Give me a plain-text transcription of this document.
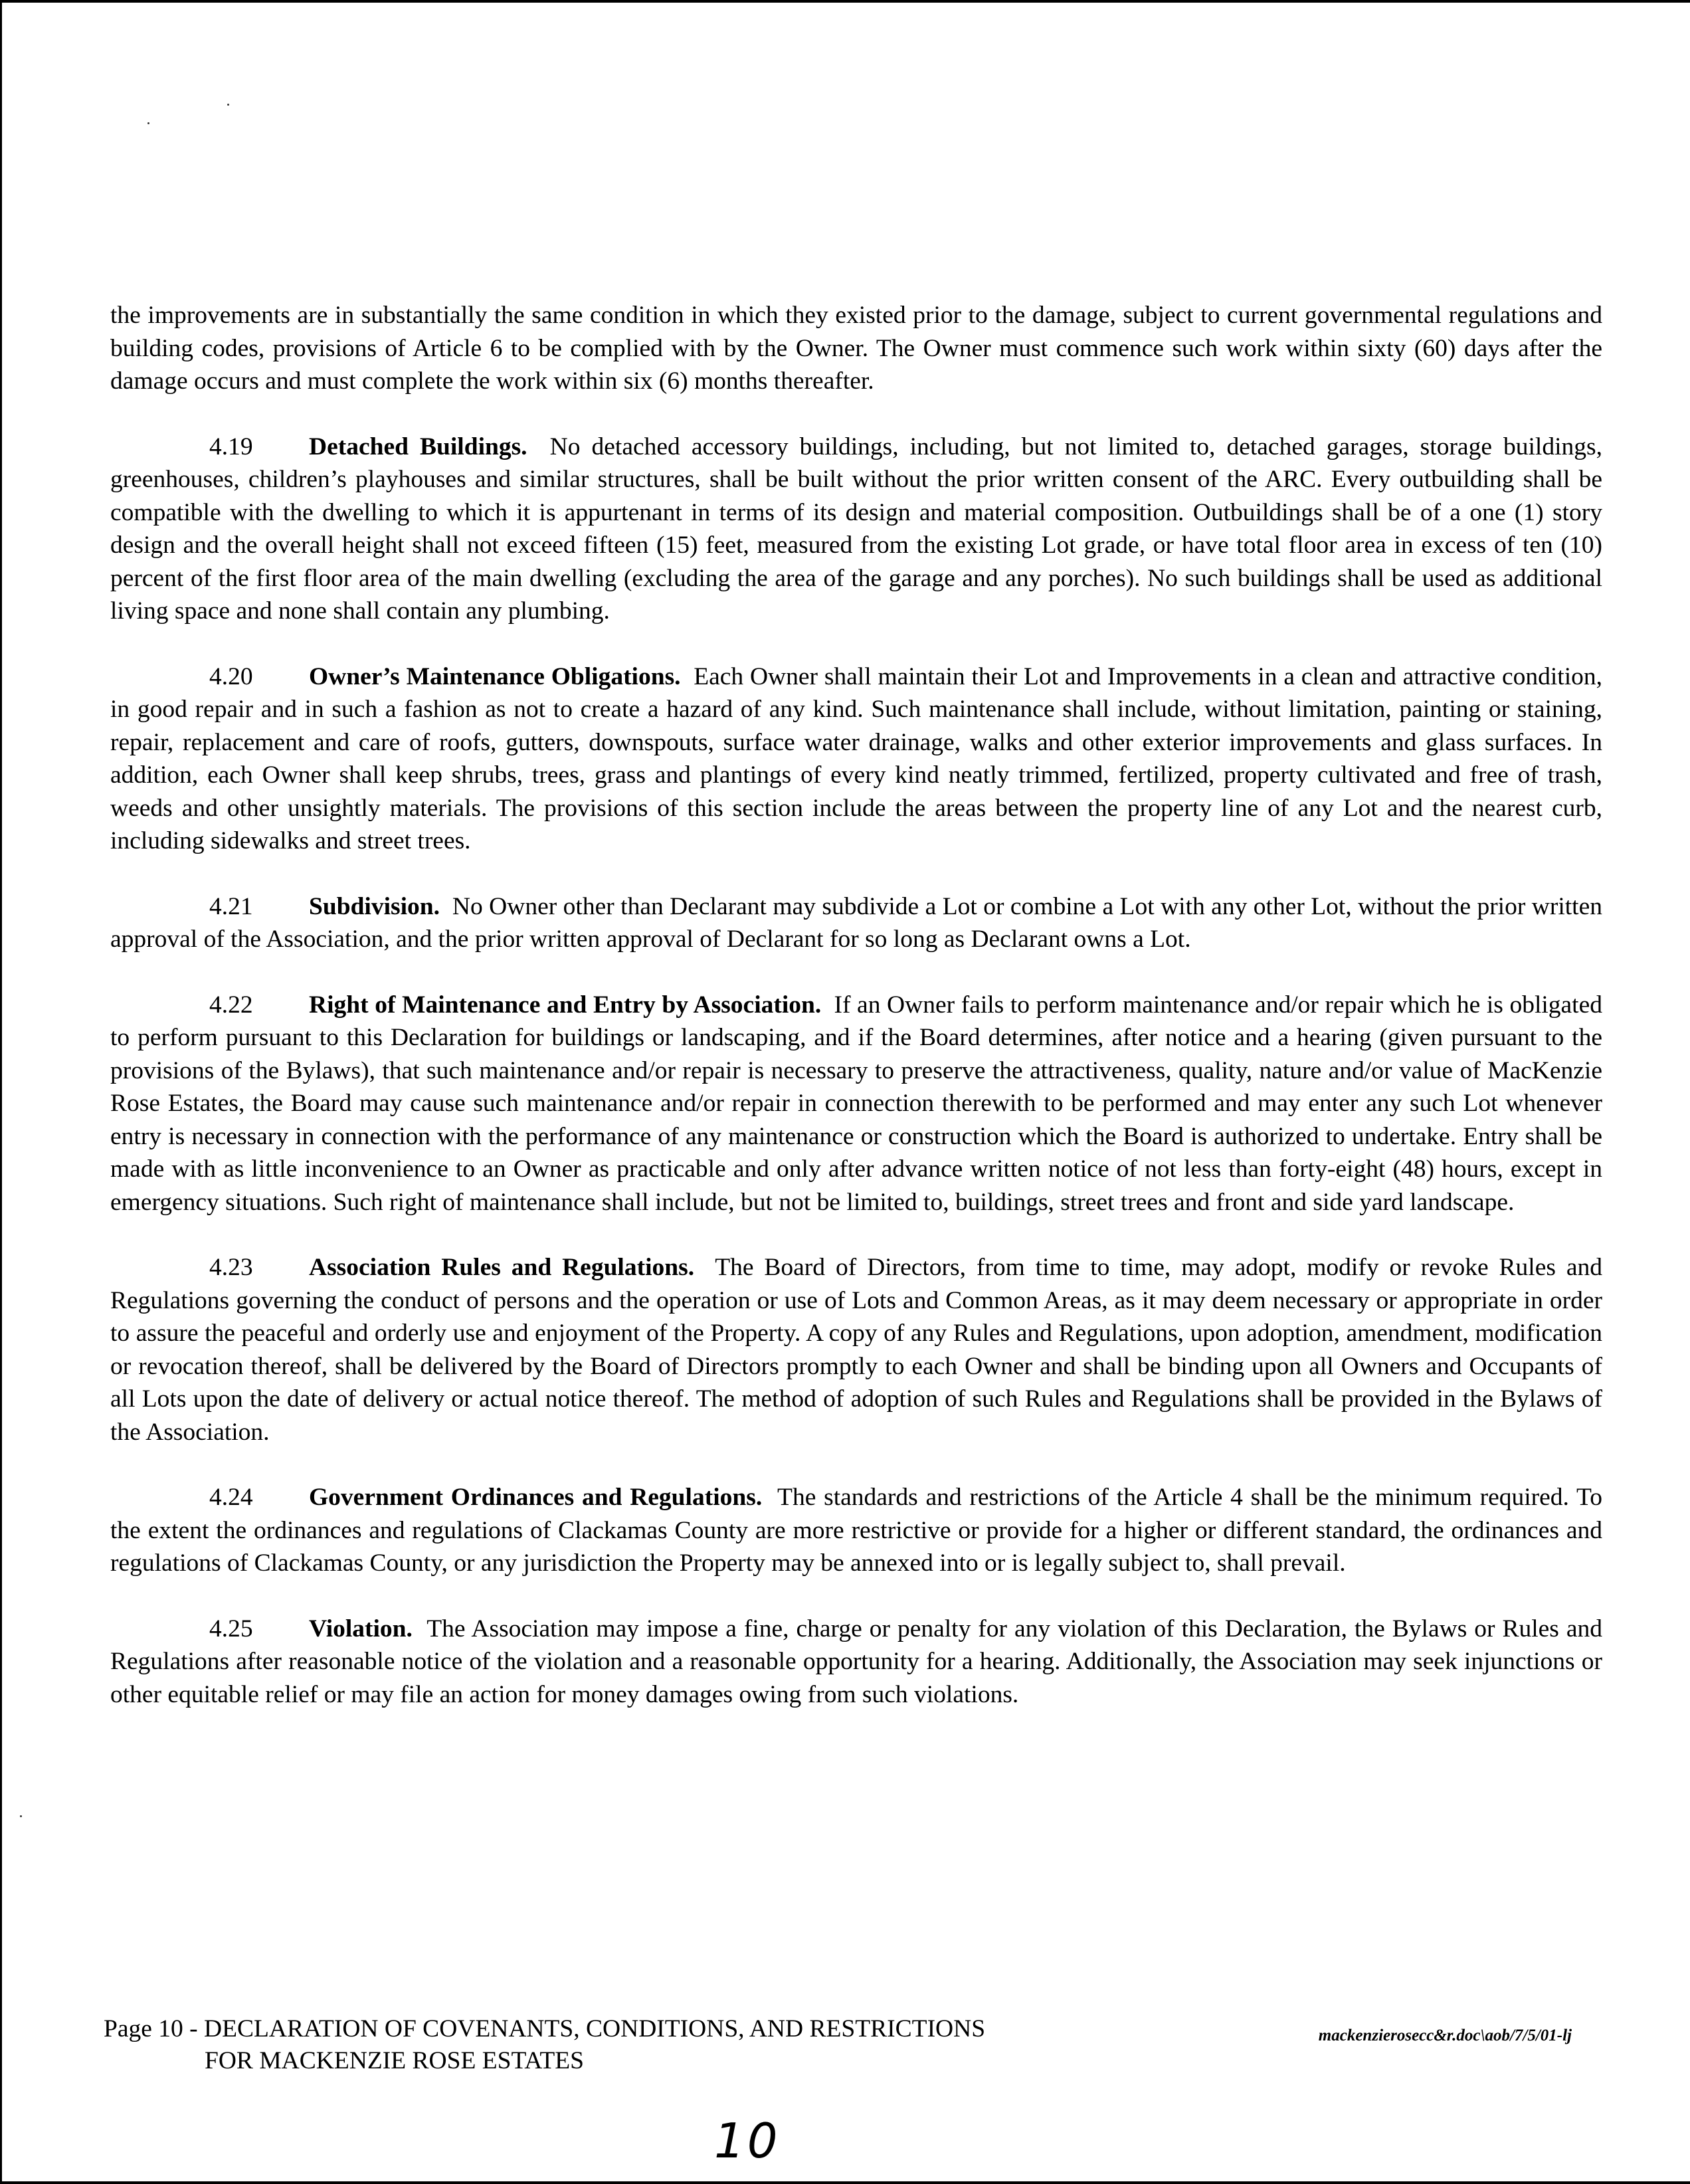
the improvements are in substantially the same condition in which they existed prior to the damage, subject to current governmental regulations and building codes, provisions of Article 6 to be complied with by the Owner. The Owner must commence such work within sixty (60) days after the damage occurs and must complete the work within six (6) months thereafter.

4.19 Detached Buildings. No detached accessory buildings, including, but not limited to, detached garages, storage buildings, greenhouses, children’s playhouses and similar structures, shall be built without the prior written consent of the ARC. Every outbuilding shall be compatible with the dwelling to which it is appurtenant in terms of its design and material composition. Outbuildings shall be of a one (1) story design and the overall height shall not exceed fifteen (15) feet, measured from the existing Lot grade, or have total floor area in excess of ten (10) percent of the first floor area of the main dwelling (excluding the area of the garage and any porches). No such buildings shall be used as additional living space and none shall contain any plumbing.

4.20 Owner’s Maintenance Obligations. Each Owner shall maintain their Lot and Improvements in a clean and attractive condition, in good repair and in such a fashion as not to create a hazard of any kind. Such maintenance shall include, without limitation, painting or staining, repair, replacement and care of roofs, gutters, downspouts, surface water drainage, walks and other exterior improvements and glass surfaces. In addition, each Owner shall keep shrubs, trees, grass and plantings of every kind neatly trimmed, fertilized, property cultivated and free of trash, weeds and other unsightly materials. The provisions of this section include the areas between the property line of any Lot and the nearest curb, including sidewalks and street trees.

4.21 Subdivision. No Owner other than Declarant may subdivide a Lot or combine a Lot with any other Lot, without the prior written approval of the Association, and the prior written approval of Declarant for so long as Declarant owns a Lot.

4.22 Right of Maintenance and Entry by Association. If an Owner fails to perform maintenance and/or repair which he is obligated to perform pursuant to this Declaration for buildings or landscaping, and if the Board determines, after notice and a hearing (given pursuant to the provisions of the Bylaws), that such maintenance and/or repair is necessary to preserve the attractiveness, quality, nature and/or value of MacKenzie Rose Estates, the Board may cause such maintenance and/or repair in connection therewith to be performed and may enter any such Lot whenever entry is necessary in connection with the performance of any maintenance or construction which the Board is authorized to undertake. Entry shall be made with as little inconvenience to an Owner as practicable and only after advance written notice of not less than forty-eight (48) hours, except in emergency situations. Such right of maintenance shall include, but not be limited to, buildings, street trees and front and side yard landscape.

4.23 Association Rules and Regulations. The Board of Directors, from time to time, may adopt, modify or revoke Rules and Regulations governing the conduct of persons and the operation or use of Lots and Common Areas, as it may deem necessary or appropriate in order to assure the peaceful and orderly use and enjoyment of the Property. A copy of any Rules and Regulations, upon adoption, amendment, modification or revocation thereof, shall be delivered by the Board of Directors promptly to each Owner and shall be binding upon all Owners and Occupants of all Lots upon the date of delivery or actual notice thereof. The method of adoption of such Rules and Regulations shall be provided in the Bylaws of the Association.

4.24 Government Ordinances and Regulations. The standards and restrictions of the Article 4 shall be the minimum required. To the extent the ordinances and regulations of Clackamas County are more restrictive or provide for a higher or different standard, the ordinances and regulations of Clackamas County, or any jurisdiction the Property may be annexed into or is legally subject to, shall prevail.

4.25 Violation. The Association may impose a fine, charge or penalty for any violation of this Declaration, the Bylaws or Rules and Regulations after reasonable notice of the violation and a reasonable opportunity for a hearing. Additionally, the Association may seek injunctions or other equitable relief or may file an action for money damages owing from such violations.

Page 10 - DECLARATION OF COVENANTS, CONDITIONS, AND RESTRICTIONS
FOR MACKENZIE ROSE ESTATES
mackenzierosecc&r.doc\aob/7/5/01-lj
10
